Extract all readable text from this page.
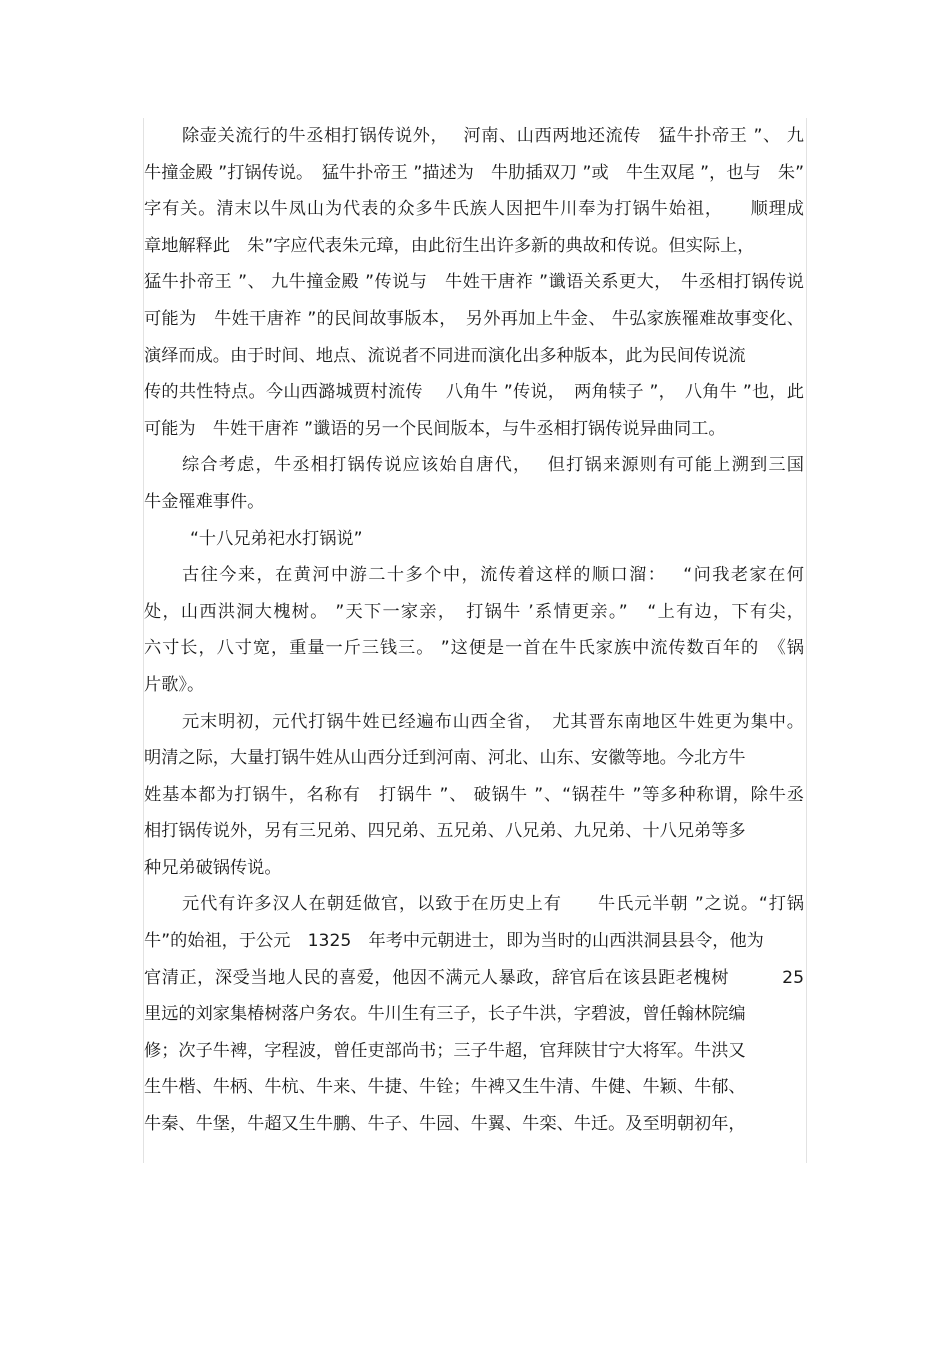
除壶关流行的牛丞相打锅传说外，　 河南、山西两地还流传　猛牛扑帝王 ”、 九
牛撞金殿 ”打锅传说。　猛牛扑帝王 ”描述为　牛肋插双刀 ”或　牛生双尾 ”，也与　朱”
字有关。清末以牛凤山为代表的众多牛氏族人因把牛川奉为打锅牛始祖，　　顺理成
章地解释此　朱”字应代表朱元璋，由此衍生出许多新的典故和传说。但实际上，
猛牛扑帝王 ”、 九牛撞金殿 ”传说与　牛姓干唐祚 ”谶语关系更大，　牛丞相打锅传说
可能为　牛姓干唐祚 ”的民间故事版本，　另外再加上牛金、 牛弘家族罹难故事变化、
演绎而成。由于时间、地点、流说者不同进而演化出多种版本，此为民间传说流
传的共性特点。今山西潞城贾村流传　 八角牛 ”传说，　两角犊子 ”，　八角牛 ”也，此
可能为　牛姓干唐祚 ”谶语的另一个民间版本，与牛丞相打锅传说异曲同工。
综合考虑，牛丞相打锅传说应该始自唐代，　 但打锅来源则有可能上溯到三国
牛金罹难事件。
“十八兄弟祀水打锅说”
古往今来，在黄河中游二十多个中，流传着这样的顺口溜：　 “问我老家在何
处，山西洪洞大槐树。 ”天下一家亲，　打锅牛 ’系情更亲。”　“上有边，下有尖，
六寸长，八寸宽，重量一斤三钱三。 ”这便是一首在牛氏家族中流传数百年的　《锅
片歌》。
元末明初，元代打锅牛姓已经遍布山西全省，　尤其晋东南地区牛姓更为集中。
明清之际，大量打锅牛姓从山西分迁到河南、河北、山东、安徽等地。今北方牛
姓基本都为打锅牛，名称有　打锅牛 ”、 破锅牛 ”、“锅茬牛 ”等多种称谓，除牛丞
相打锅传说外，另有三兄弟、四兄弟、五兄弟、八兄弟、九兄弟、十八兄弟等多
种兄弟破锅传说。
元代有许多汉人在朝廷做官，以致于在历史上有　　牛氏元半朝 ”之说。“打锅
牛”的始祖，于公元　1325　年考中元朝进士，即为当时的山西洪洞县县令，他为
官清正，深受当地人民的喜爱，他因不满元人暴政，辞官后在该县距老槐树　　　25
里远的刘家集椿树落户务农。牛川生有三子，长子牛洪，字碧波，曾任翰林院编
修；次子牛裨，字程波，曾任吏部尚书；三子牛超，官拜陕甘宁大将军。牛洪又
生牛楷、牛柄、牛杭、牛来、牛捷、牛铨；牛裨又生牛清、牛健、牛颖、牛郁、
牛秦、牛堡，牛超又生牛鹏、牛子、牛园、牛翼、牛栾、牛迁。及至明朝初年，
